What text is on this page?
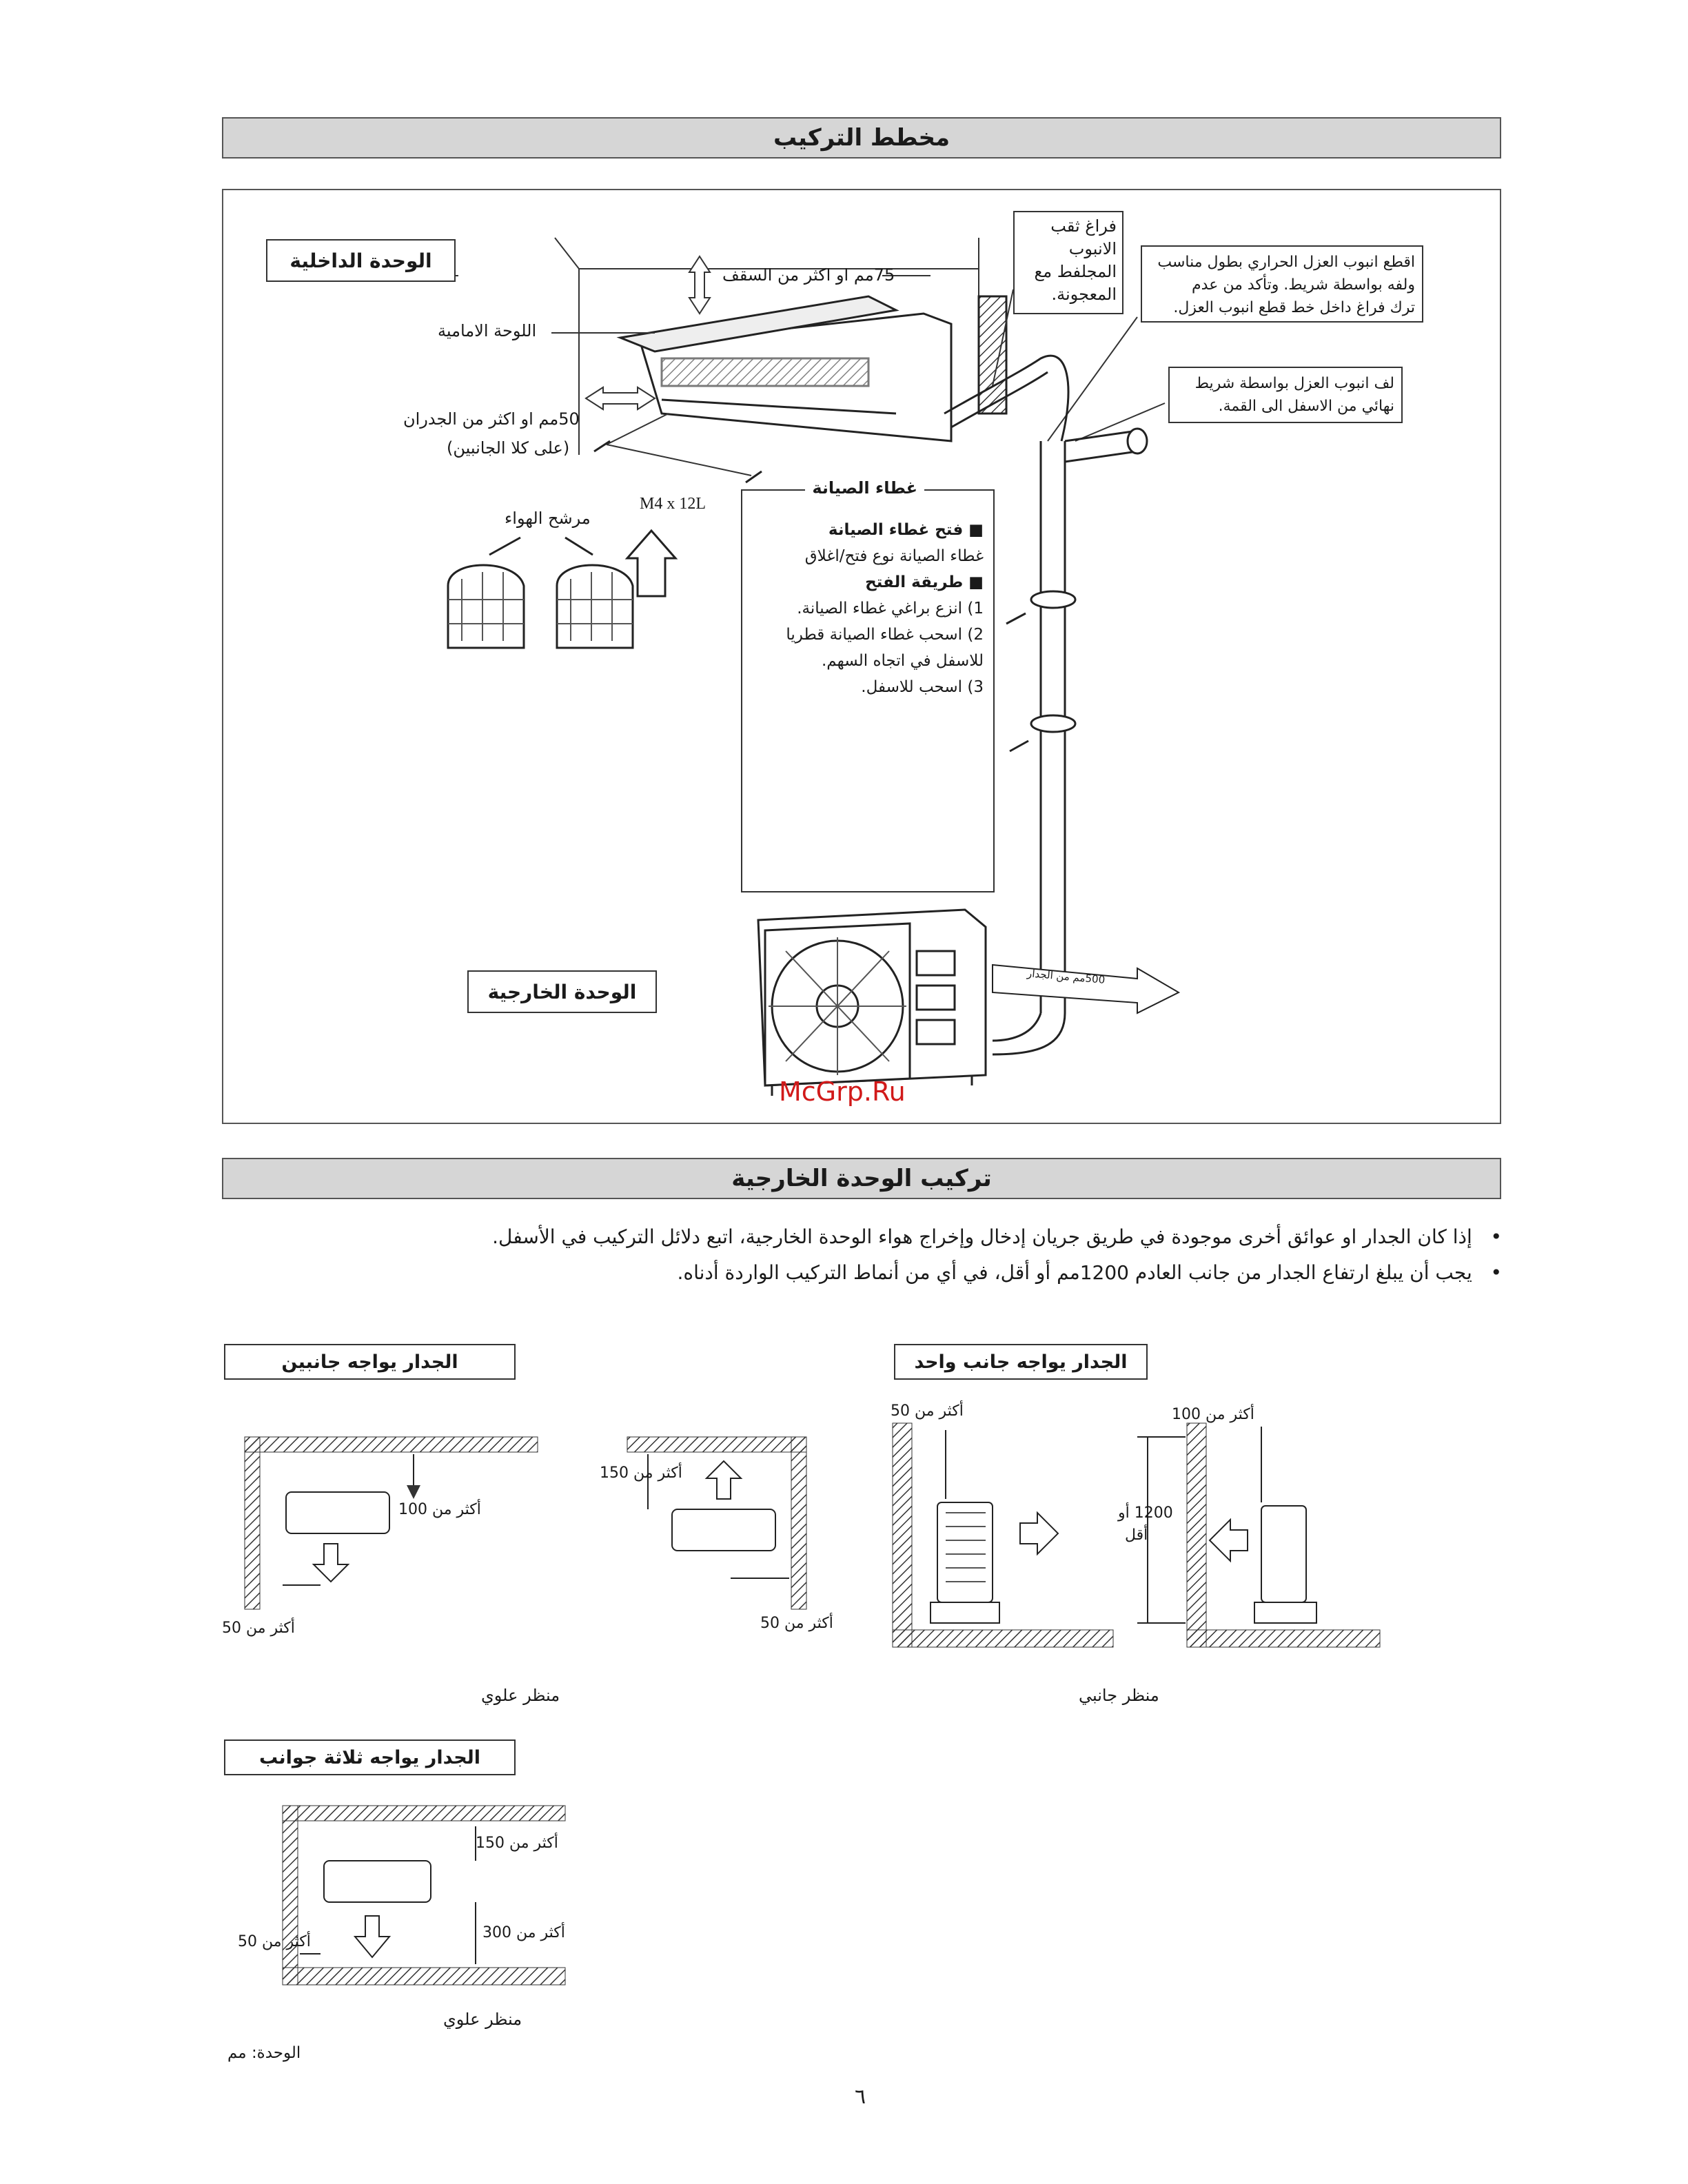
مخطط التركيب
الوحدة الداخلية
الوحدة الخارجية
75مم او اكثر من السقف
اللوحة الامامية
50مم او اكثر من الجدران
(على كلا الجانبين)
M4 x 12L
مرشح الهواء
فراغ ثقب
الانبوب
المجلفط مع
المعجونة.
اقطع انبوب العزل الحراري بطول مناسب
ولفه بواسطة شريط. وتأكد من عدم
ترك فراغ داخل خط قطع انبوب العزل.
لف انبوب العزل بواسطة شريط
نهائي من الاسفل الى القمة.
غطاء الصيانة
■ فتح غطاء الصيانة
غطاء الصيانة نوع فتح/اغلاق
■ طريقة الفتح
1) انزع براغي غطاء الصيانة.
2) اسحب غطاء الصيانة قطريا
للاسفل في اتجاه السهم.
3) اسحب للاسفل.
500مم من الجدار
McGrp.Ru
تركيب الوحدة الخارجية
•   إذا كان الجدار او عوائق أخرى موجودة في طريق جريان إدخال وإخراج هواء الوحدة الخارجية، اتبع دلائل التركيب في الأسفل.
•   يجب أن يبلغ ارتفاع الجدار من جانب العادم 1200مم أو أقل، في أي من أنماط التركيب الواردة أدناه.
الجدار يواجه جانبين	الجدار يواجه جانب واحد
الجدار يواجه ثلاثة جوانب
أكثر من 100
أكثر من 50
أكثر من 150
أكثر من 50
منظر علوي
أكثر من 50	أكثر من 100
1200 أو
أقل
منظر جانبي
أكثر من 150
أكثر من 300
أكثر من 50
منظر علوي
الوحدة: مم
٦
